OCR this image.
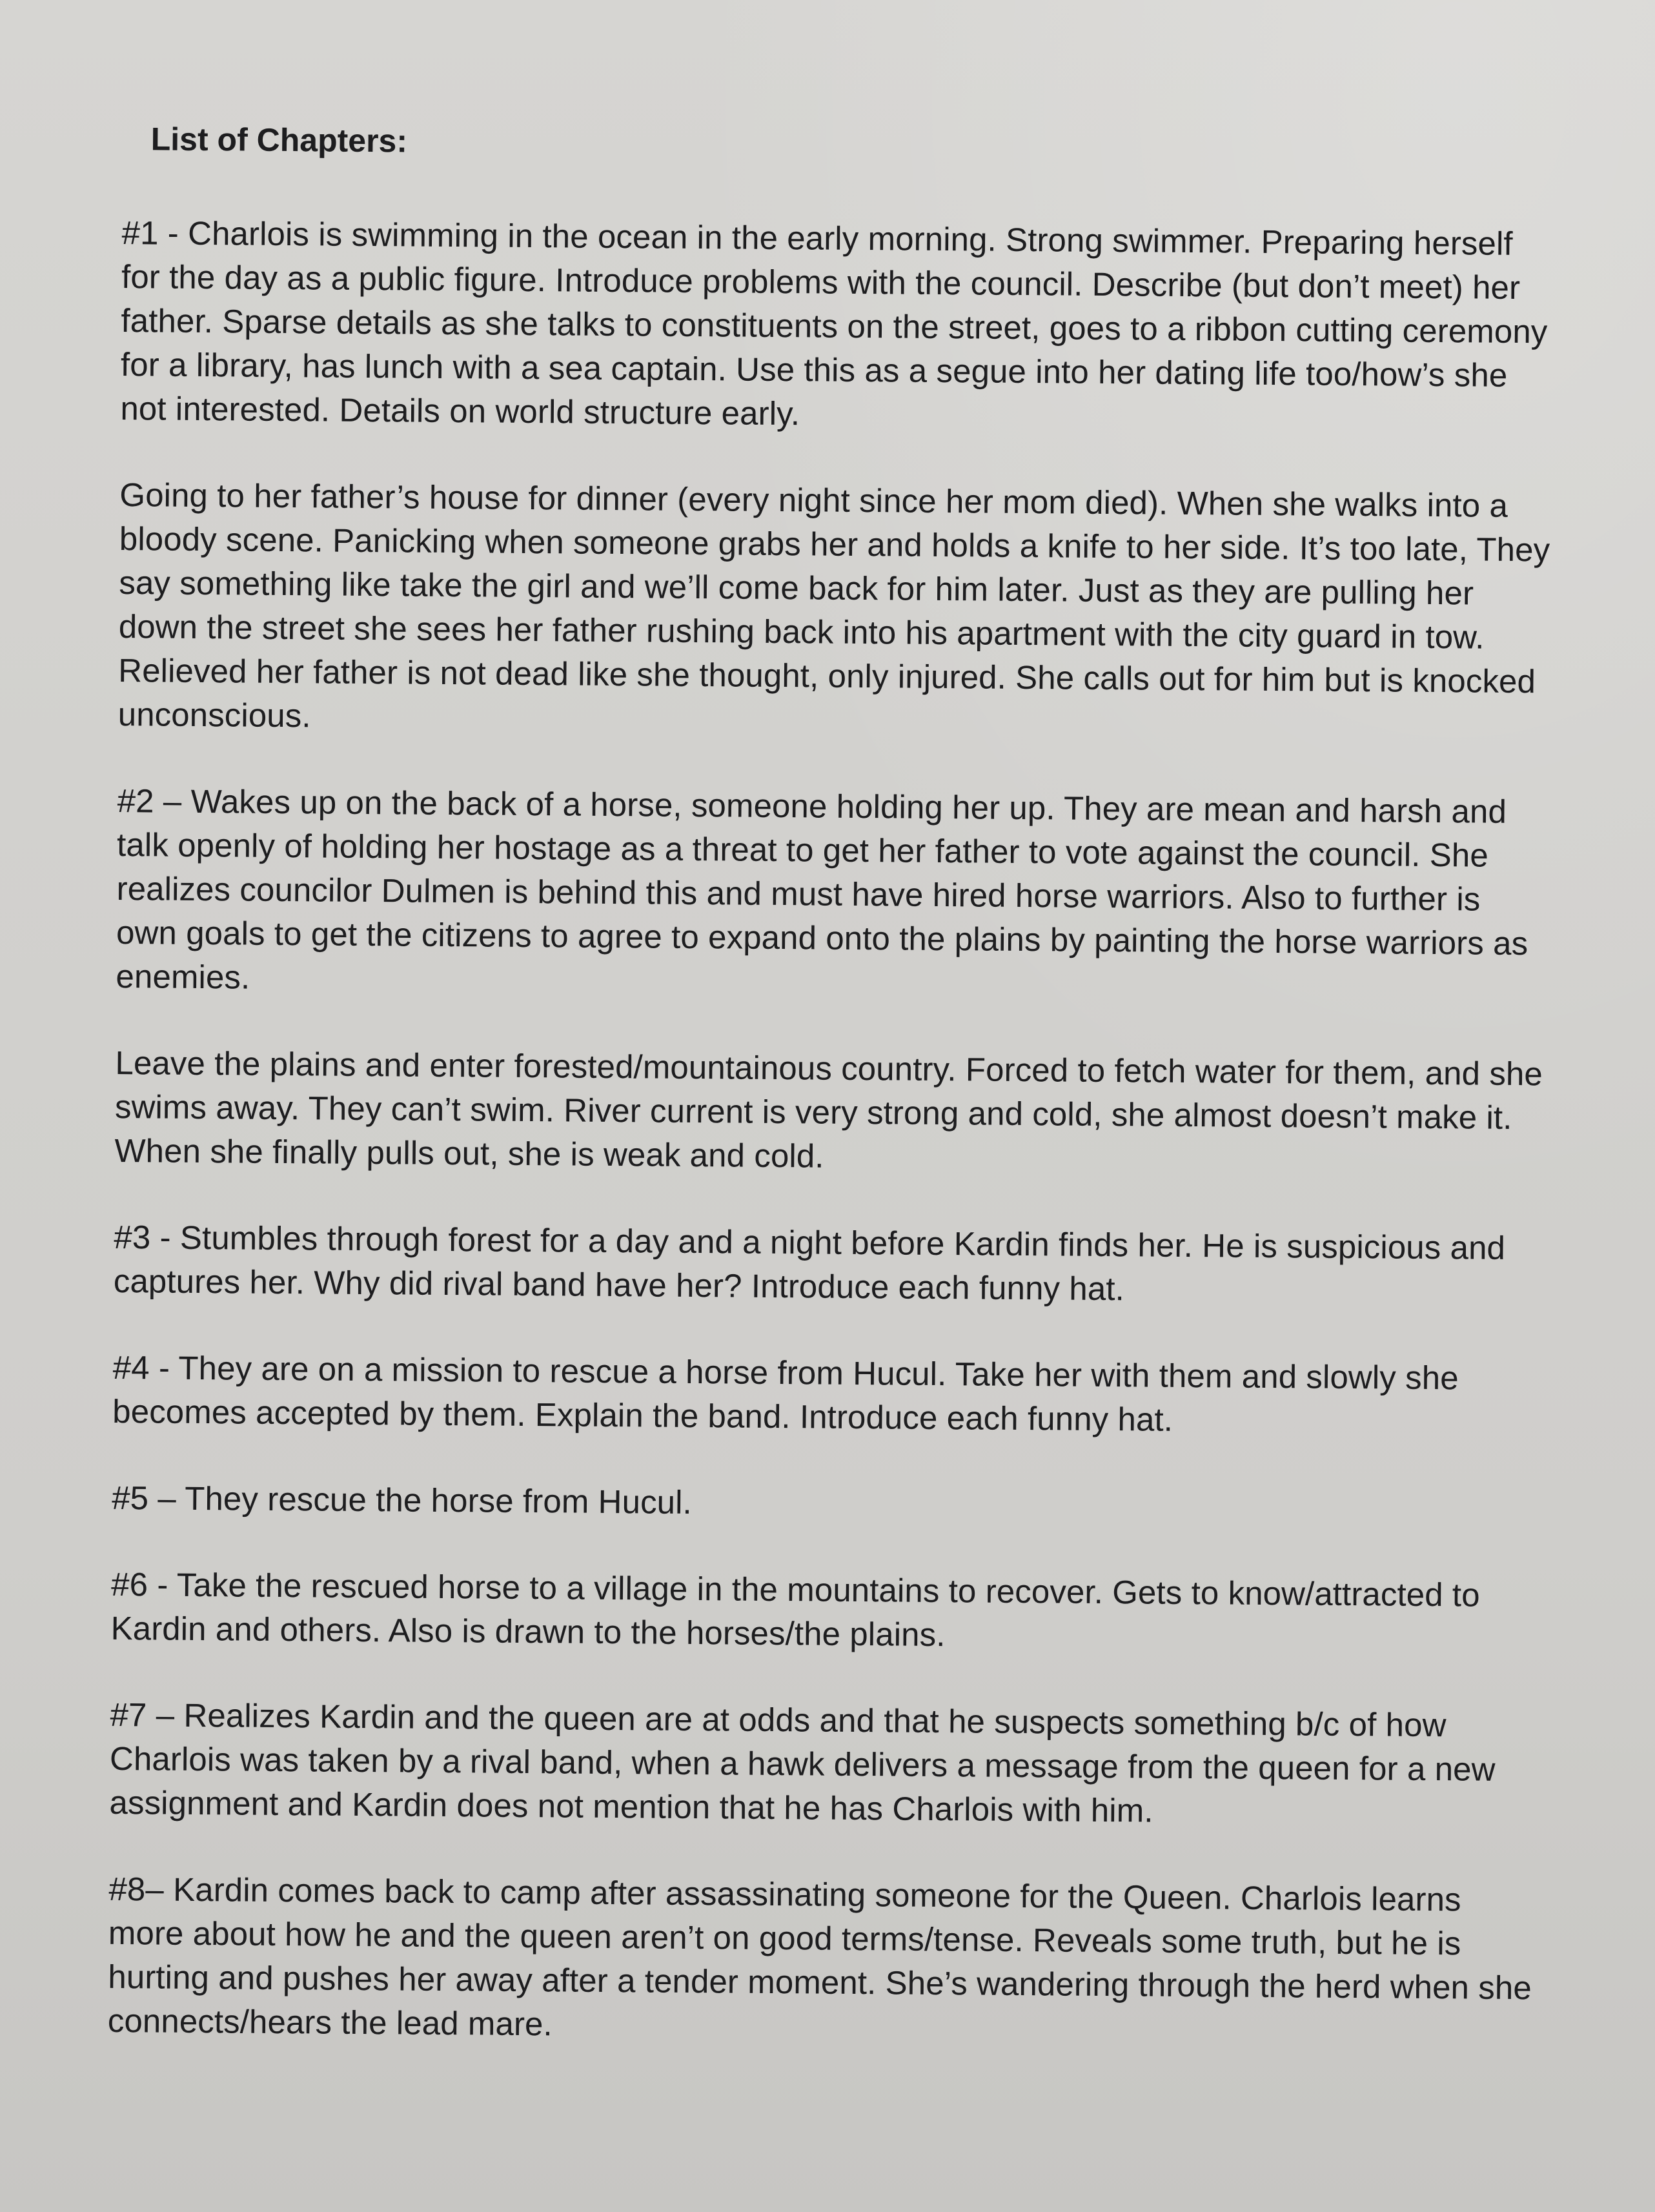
List of Chapters:

#1 - Charlois is swimming in the ocean in the early morning. Strong swimmer. Preparing herself for the day as a public figure. Introduce problems with the council. Describe (but don’t meet) her father. Sparse details as she talks to constituents on the street, goes to a ribbon cutting ceremony for a library, has lunch with a sea captain. Use this as a segue into her dating life too/how’s she not interested. Details on world structure early.

Going to her father’s house for dinner (every night since her mom died). When she walks into a bloody scene. Panicking when someone grabs her and holds a knife to her side. It’s too late, They say something like take the girl and we’ll come back for him later. Just as they are pulling her down the street she sees her father rushing back into his apartment with the city guard in tow. Relieved her father is not dead like she thought, only injured. She calls out for him but is knocked unconscious.

#2 – Wakes up on the back of a horse, someone holding her up. They are mean and harsh and talk openly of holding her hostage as a threat to get her father to vote against the council. She realizes councilor Dulmen is behind this and must have hired horse warriors. Also to further is own goals to get the citizens to agree to expand onto the plains by painting the horse warriors as enemies.

Leave the plains and enter forested/mountainous country. Forced to fetch water for them, and she swims away. They can’t swim. River current is very strong and cold, she almost doesn’t make it. When she finally pulls out, she is weak and cold.

#3 - Stumbles through forest for a day and a night before Kardin finds her. He is suspicious and captures her. Why did rival band have her? Introduce each funny hat.

#4 - They are on a mission to rescue a horse from Hucul. Take her with them and slowly she becomes accepted by them. Explain the band. Introduce each funny hat.

#5 – They rescue the horse from Hucul.

#6 - Take the rescued horse to a village in the mountains to recover. Gets to know/attracted to Kardin and others. Also is drawn to the horses/the plains.

#7 – Realizes Kardin and the queen are at odds and that he suspects something b/c of how Charlois was taken by a rival band, when a hawk delivers a message from the queen for a new assignment and Kardin does not mention that he has Charlois with him.

#8– Kardin comes back to camp after assassinating someone for the Queen. Charlois learns more about how he and the queen aren’t on good terms/tense. Reveals some truth, but he is hurting and pushes her away after a tender moment. She’s wandering through the herd when she connects/hears the lead mare.
